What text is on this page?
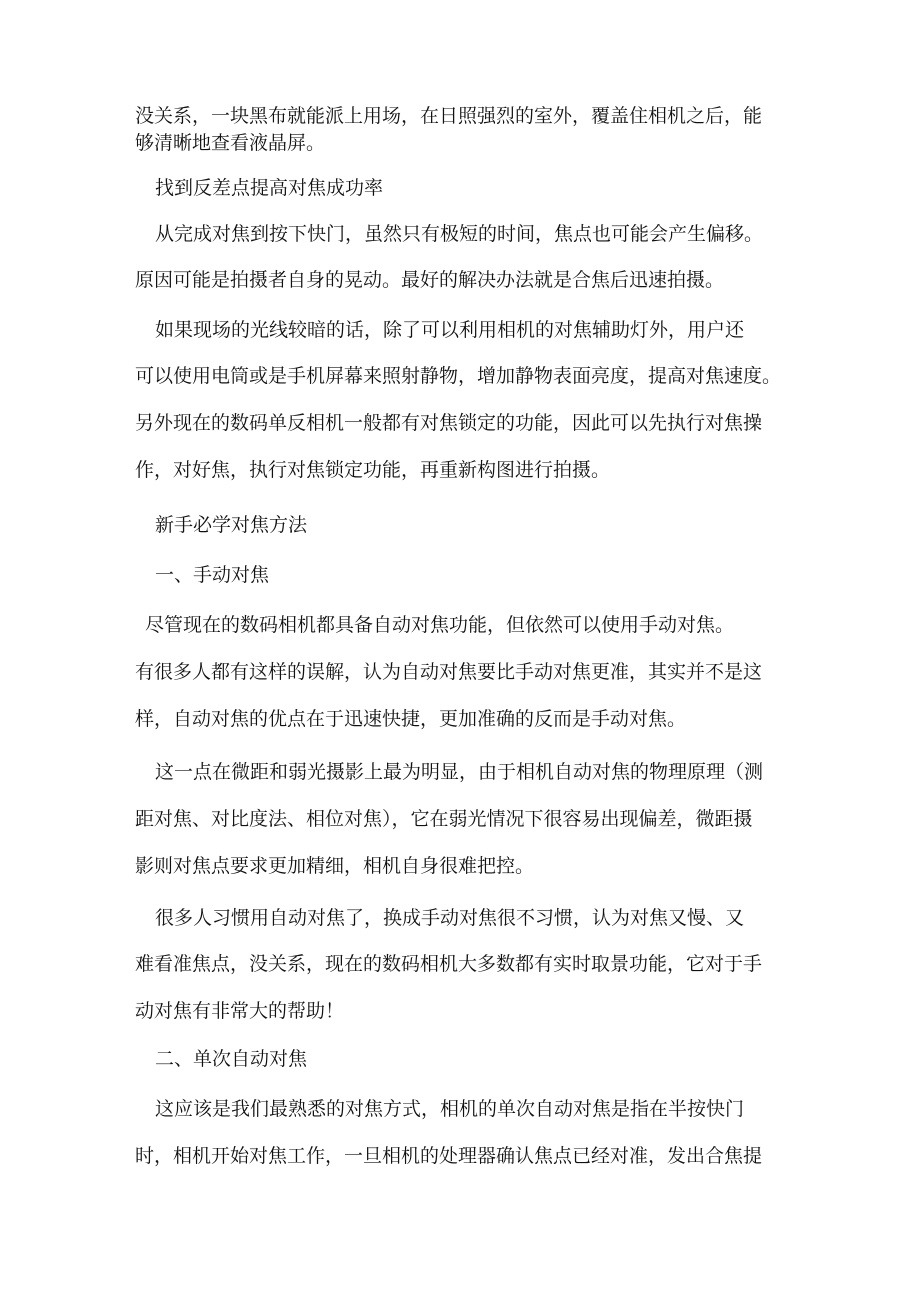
没关系，一块黑布就能派上用场，在日照强烈的室外，覆盖住相机之后，能
够清晰地查看液晶屏。
找到反差点提高对焦成功率
从完成对焦到按下快门，虽然只有极短的时间，焦点也可能会产生偏移。
原因可能是拍摄者自身的晃动。最好的解决办法就是合焦后迅速拍摄。
如果现场的光线较暗的话，除了可以利用相机的对焦辅助灯外，用户还
可以使用电筒或是手机屏幕来照射静物，增加静物表面亮度，提高对焦速度。
另外现在的数码单反相机一般都有对焦锁定的功能，因此可以先执行对焦操
作，对好焦，执行对焦锁定功能，再重新构图进行拍摄。
新手必学对焦方法
一、手动对焦
尽管现在的数码相机都具备自动对焦功能，但依然可以使用手动对焦。
有很多人都有这样的误解，认为自动对焦要比手动对焦更准，其实并不是这
样，自动对焦的优点在于迅速快捷，更加准确的反而是手动对焦。
这一点在微距和弱光摄影上最为明显，由于相机自动对焦的物理原理（测
距对焦、对比度法、相位对焦），它在弱光情况下很容易出现偏差，微距摄
影则对焦点要求更加精细，相机自身很难把控。
很多人习惯用自动对焦了，换成手动对焦很不习惯，认为对焦又慢、又
难看准焦点，没关系，现在的数码相机大多数都有实时取景功能，它对于手
动对焦有非常大的帮助！
二、单次自动对焦
这应该是我们最熟悉的对焦方式，相机的单次自动对焦是指在半按快门
时，相机开始对焦工作，一旦相机的处理器确认焦点已经对准，发出合焦提
